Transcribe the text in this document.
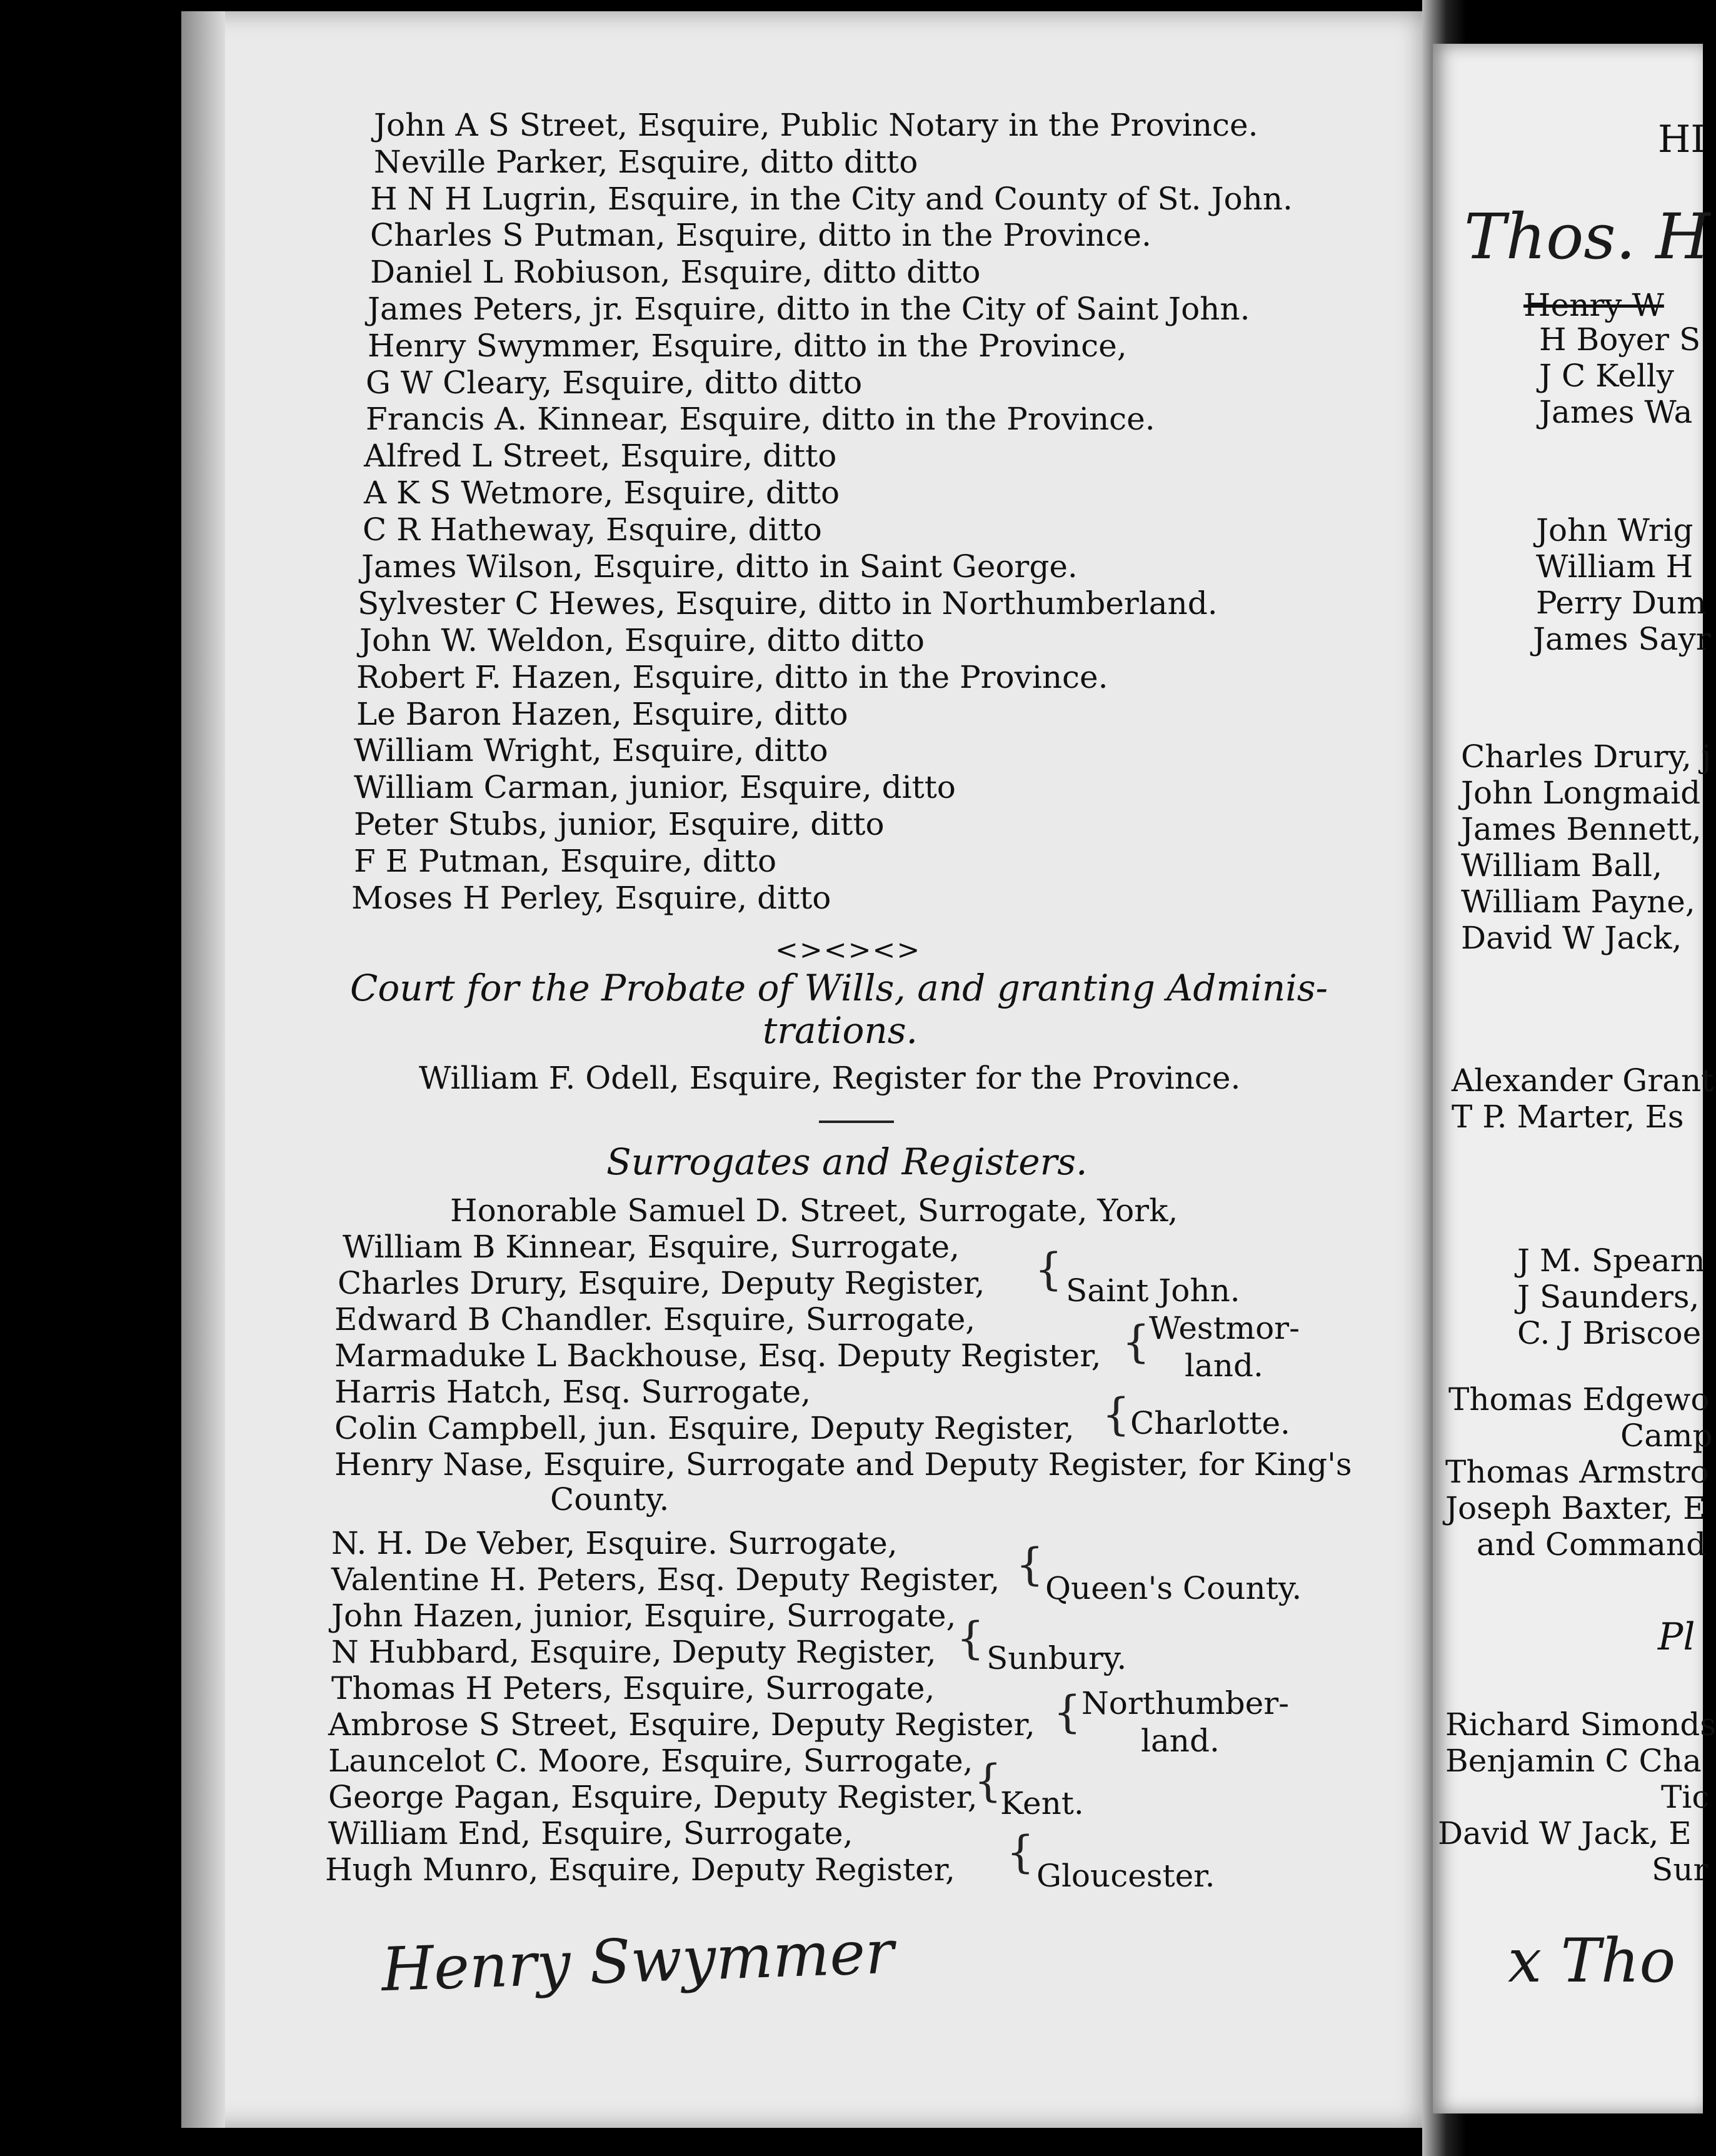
John A S Street, Esquire, Public Notary in the Province.
Neville Parker, Esquire, ditto ditto
H N H Lugrin, Esquire, in the City and County of St. John.
Charles S Putman, Esquire, ditto in the Province.
Daniel L Robiuson, Esquire, ditto ditto
James Peters, jr. Esquire, ditto in the City of Saint John.
Henry Swymmer, Esquire, ditto in the Province,
G W Cleary, Esquire, ditto ditto
Francis A. Kinnear, Esquire, ditto in the Province.
Alfred L Street, Esquire, ditto
A K S Wetmore, Esquire, ditto
C R Hatheway, Esquire, ditto
James Wilson, Esquire, ditto in Saint George.
Sylvester C Hewes, Esquire, ditto in Northumberland.
John W. Weldon, Esquire, ditto ditto
Robert F. Hazen, Esquire, ditto in the Province.
Le Baron Hazen, Esquire, ditto
William Wright, Esquire, ditto
William Carman, junior, Esquire, ditto
Peter Stubs, junior, Esquire, ditto
F E Putman, Esquire, ditto
Moses H Perley, Esquire, ditto
<><><>
Court for the Probate of Wills, and granting Adminis-
trations.
William F. Odell, Esquire, Register for the Province.
Surrogates and Registers.
Honorable Samuel D. Street, Surrogate, York,
William B Kinnear, Esquire, Surrogate,
Charles Drury, Esquire, Deputy Register,
Edward B Chandler. Esquire, Surrogate,
Marmaduke L Backhouse, Esq. Deputy Register,
Harris Hatch, Esq. Surrogate,
Colin Campbell, jun. Esquire, Deputy Register,
Henry Nase, Esquire, Surrogate and Deputy Register, for King's
County.
N. H. De Veber, Esquire. Surrogate,
Valentine H. Peters, Esq. Deputy Register,
John Hazen, junior, Esquire, Surrogate,
N Hubbard, Esquire, Deputy Register,
Thomas H Peters, Esquire, Surrogate,
Ambrose S Street, Esquire, Deputy Register,
Launcelot C. Moore, Esquire, Surrogate,
George Pagan, Esquire, Deputy Register,
William End, Esquire, Surrogate,
Hugh Munro, Esquire, Deputy Register,
{ Saint John.
{
Westmor-
land.
{ Charlotte.
{ Queen's County.
{ Sunbury.
{ Northumber-
land.
{
Kent.
{ Gloucester.
Henry Swymmer
HI
Thos. H
Henry W
H Boyer S
J C Kelly
James Wa
John Wrig
William H
Perry Dum
James Sayr
Charles Drury, j
John Longmaid
James Bennett,
William Ball,
William Payne,
David W Jack,
Alexander Grant
T P. Marter, Es
J M. Spearn
J Saunders,
C. J Briscoe
Thomas Edgewo
Camp
Thomas Armstro
Joseph Baxter, E
and Command
Pl
Richard Simonds
Benjamin C Cha
Tic
David W Jack, E
Sur
x Tho
